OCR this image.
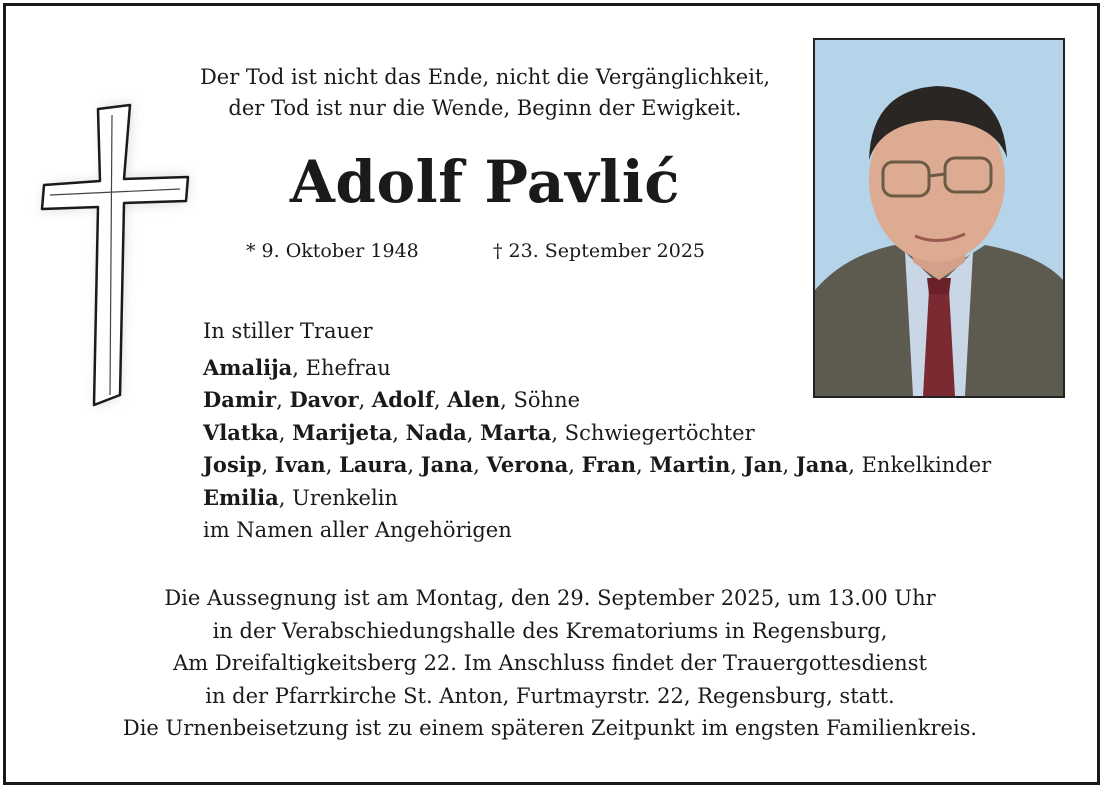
Der Tod ist nicht das Ende, nicht die Vergänglichkeit,
der Tod ist nur die Wende, Beginn der Ewigkeit.
Adolf Pavlić
* 9. Oktober 1948	† 23. September 2025
In stiller Trauer
Amalija, Ehefrau
Damir, Davor, Adolf, Alen, Söhne
Vlatka, Marijeta, Nada, Marta, Schwiegertöchter
Josip, Ivan, Laura, Jana, Verona, Fran, Martin, Jan, Jana, Enkelkinder
Emilia, Urenkelin
im Namen aller Angehörigen
Die Aussegnung ist am Montag, den 29. September 2025, um 13.00 Uhr
in der Verabschiedungshalle des Krematoriums in Regensburg,
Am Dreifaltigkeitsberg 22. Im Anschluss findet der Trauergottesdienst
in der Pfarrkirche St. Anton, Furtmayrstr. 22, Regensburg, statt.
Die Urnenbeisetzung ist zu einem späteren Zeitpunkt im engsten Familienkreis.
